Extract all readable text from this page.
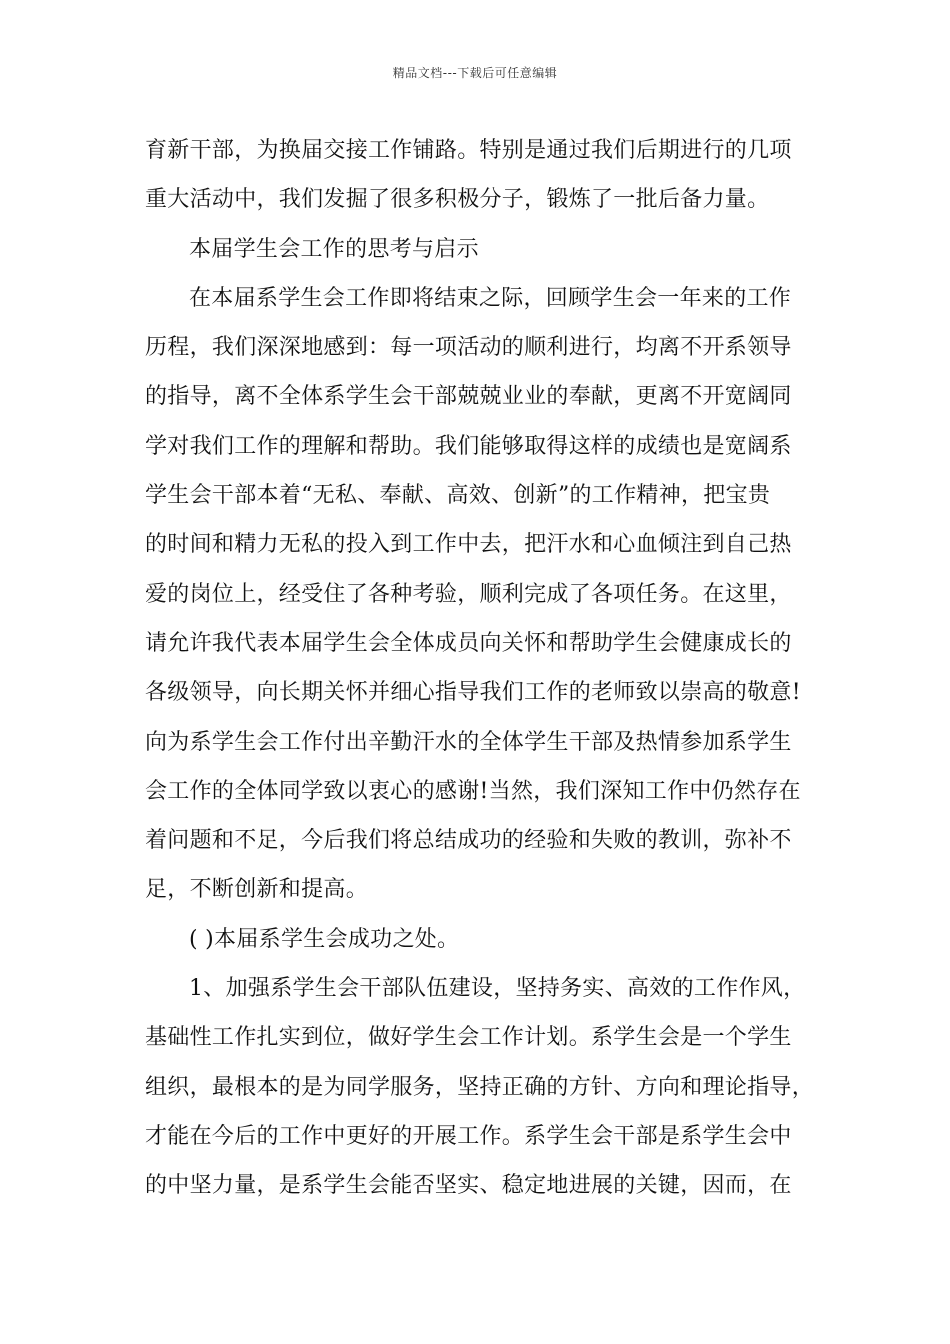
精品文档---下载后可任意编辑
育新干部，为换届交接工作铺路。特别是通过我们后期进行的几项
重大活动中，我们发掘了很多积极分子，锻炼了一批后备力量。
本届学生会工作的思考与启示
在本届系学生会工作即将结束之际，回顾学生会一年来的工作
历程，我们深深地感到：每一项活动的顺利进行，均离不开系领导
的指导，离不全体系学生会干部兢兢业业的奉献，更离不开宽阔同
学对我们工作的理解和帮助。我们能够取得这样的成绩也是宽阔系
学生会干部本着“无私、奉献、高效、创新”的工作精神，把宝贵
的时间和精力无私的投入到工作中去，把汗水和心血倾注到自己热
爱的岗位上，经受住了各种考验，顺利完成了各项任务。在这里，
请允许我代表本届学生会全体成员向关怀和帮助学生会健康成长的
各级领导，向长期关怀并细心指导我们工作的老师致以崇高的敬意!
向为系学生会工作付出辛勤汗水的全体学生干部及热情参加系学生
会工作的全体同学致以衷心的感谢!当然，我们深知工作中仍然存在
着问题和不足，今后我们将总结成功的经验和失败的教训，弥补不
足，不断创新和提高。
( )本届系学生会成功之处。
1、加强系学生会干部队伍建设，坚持务实、高效的工作作风，
基础性工作扎实到位，做好学生会工作计划。系学生会是一个学生
组织，最根本的是为同学服务，坚持正确的方针、方向和理论指导，
才能在今后的工作中更好的开展工作。系学生会干部是系学生会中
的中坚力量，是系学生会能否坚实、稳定地进展的关键，因而，在
